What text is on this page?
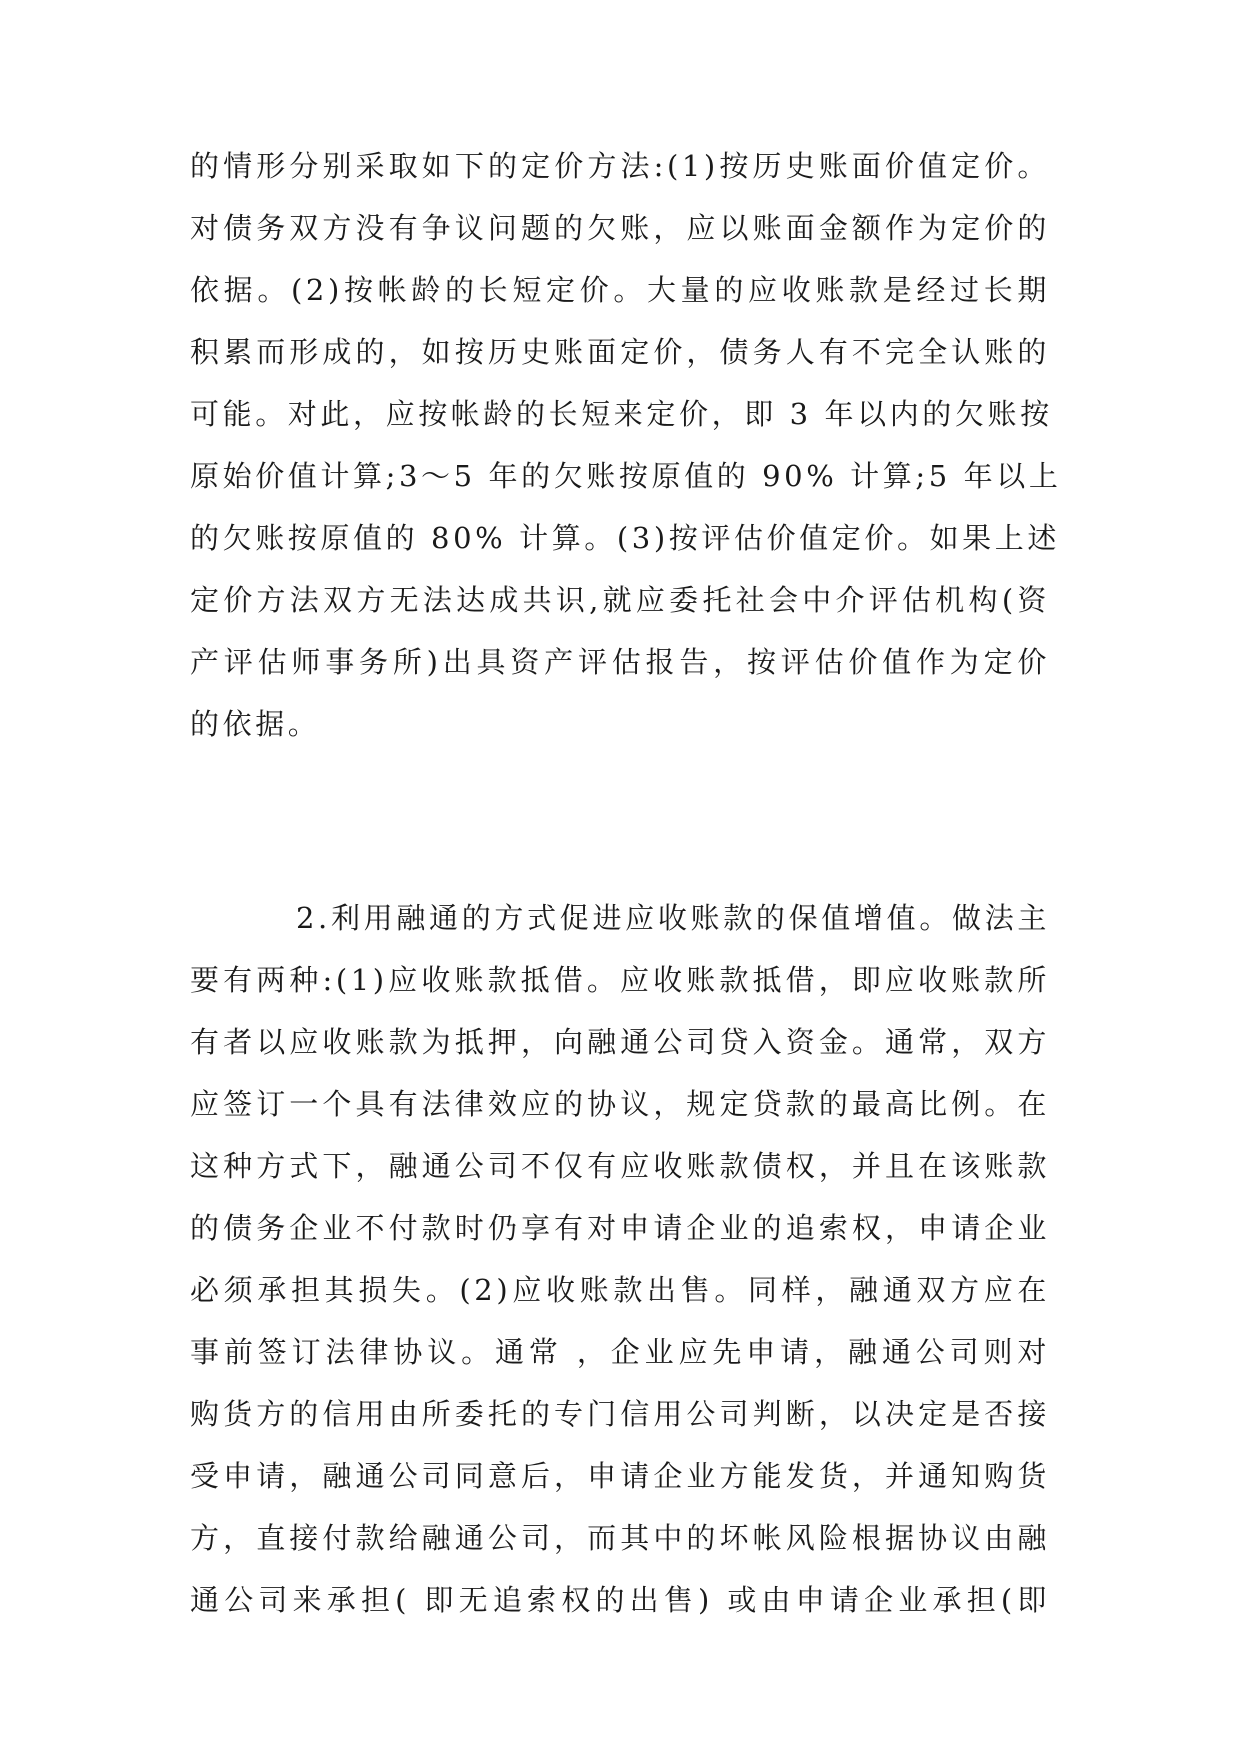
的情形分别采取如下的定价方法:(1)按历史账面价值定价。
对债务双方没有争议问题的欠账，应以账面金额作为定价的
依据。(2)按帐龄的长短定价。大量的应收账款是经过长期
积累而形成的，如按历史账面定价，债务人有不完全认账的
可能。对此，应按帐龄的长短来定价，即 3 年以内的欠账按
原始价值计算;3～5 年的欠账按原值的 90% 计算;5 年以上
的欠账按原值的 80% 计算。(3)按评估价值定价。如果上述
定价方法双方无法达成共识,就应委托社会中介评估机构(资
产评估师事务所)出具资产评估报告，按评估价值作为定价
的依据。
2.利用融通的方式促进应收账款的保值增值。做法主
要有两种:(1)应收账款抵借。应收账款抵借，即应收账款所
有者以应收账款为抵押，向融通公司贷入资金。通常，双方
应签订一个具有法律效应的协议，规定贷款的最高比例。在
这种方式下，融通公司不仅有应收账款债权，并且在该账款
的债务企业不付款时仍享有对申请企业的追索权，申请企业
必须承担其损失。(2)应收账款出售。同样，融通双方应在
事前签订法律协议。通常 ，企业应先申请，融通公司则对
购货方的信用由所委托的专门信用公司判断，以决定是否接
受申请，融通公司同意后，申请企业方能发货，并通知购货
方，直接付款给融通公司，而其中的坏帐风险根据协议由融
通公司来承担( 即无追索权的出售) 或由申请企业承担(即
